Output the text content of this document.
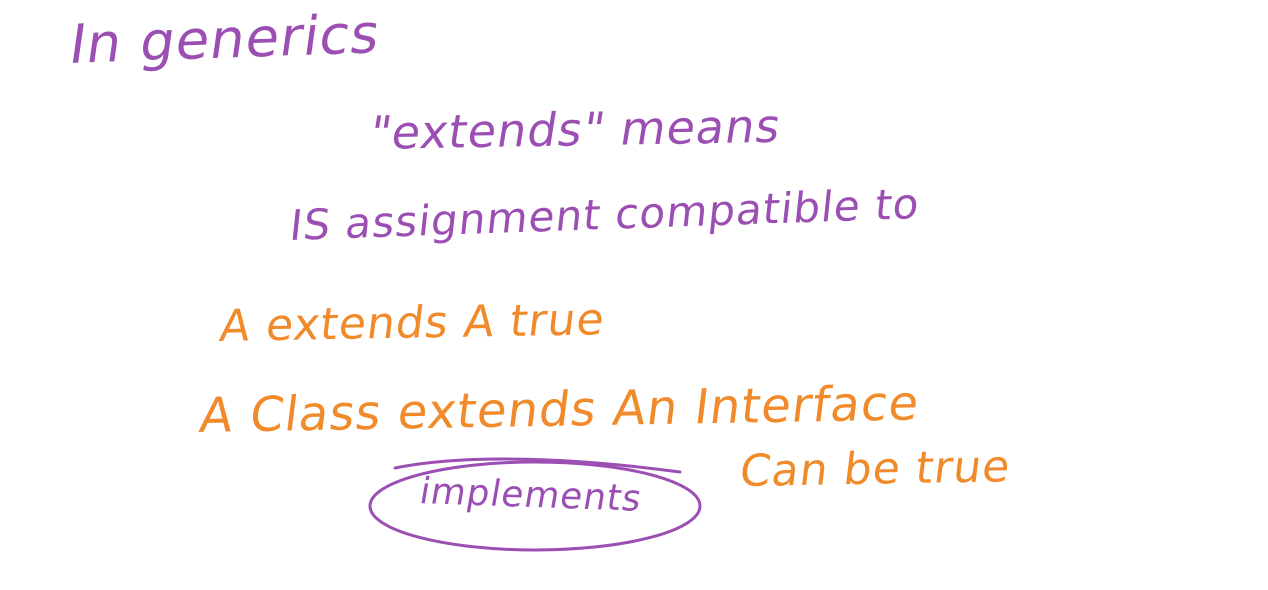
In generics
"extends" means
IS assignment compatible to
A extends A true
A Class extends An Interface
implements Can be true
